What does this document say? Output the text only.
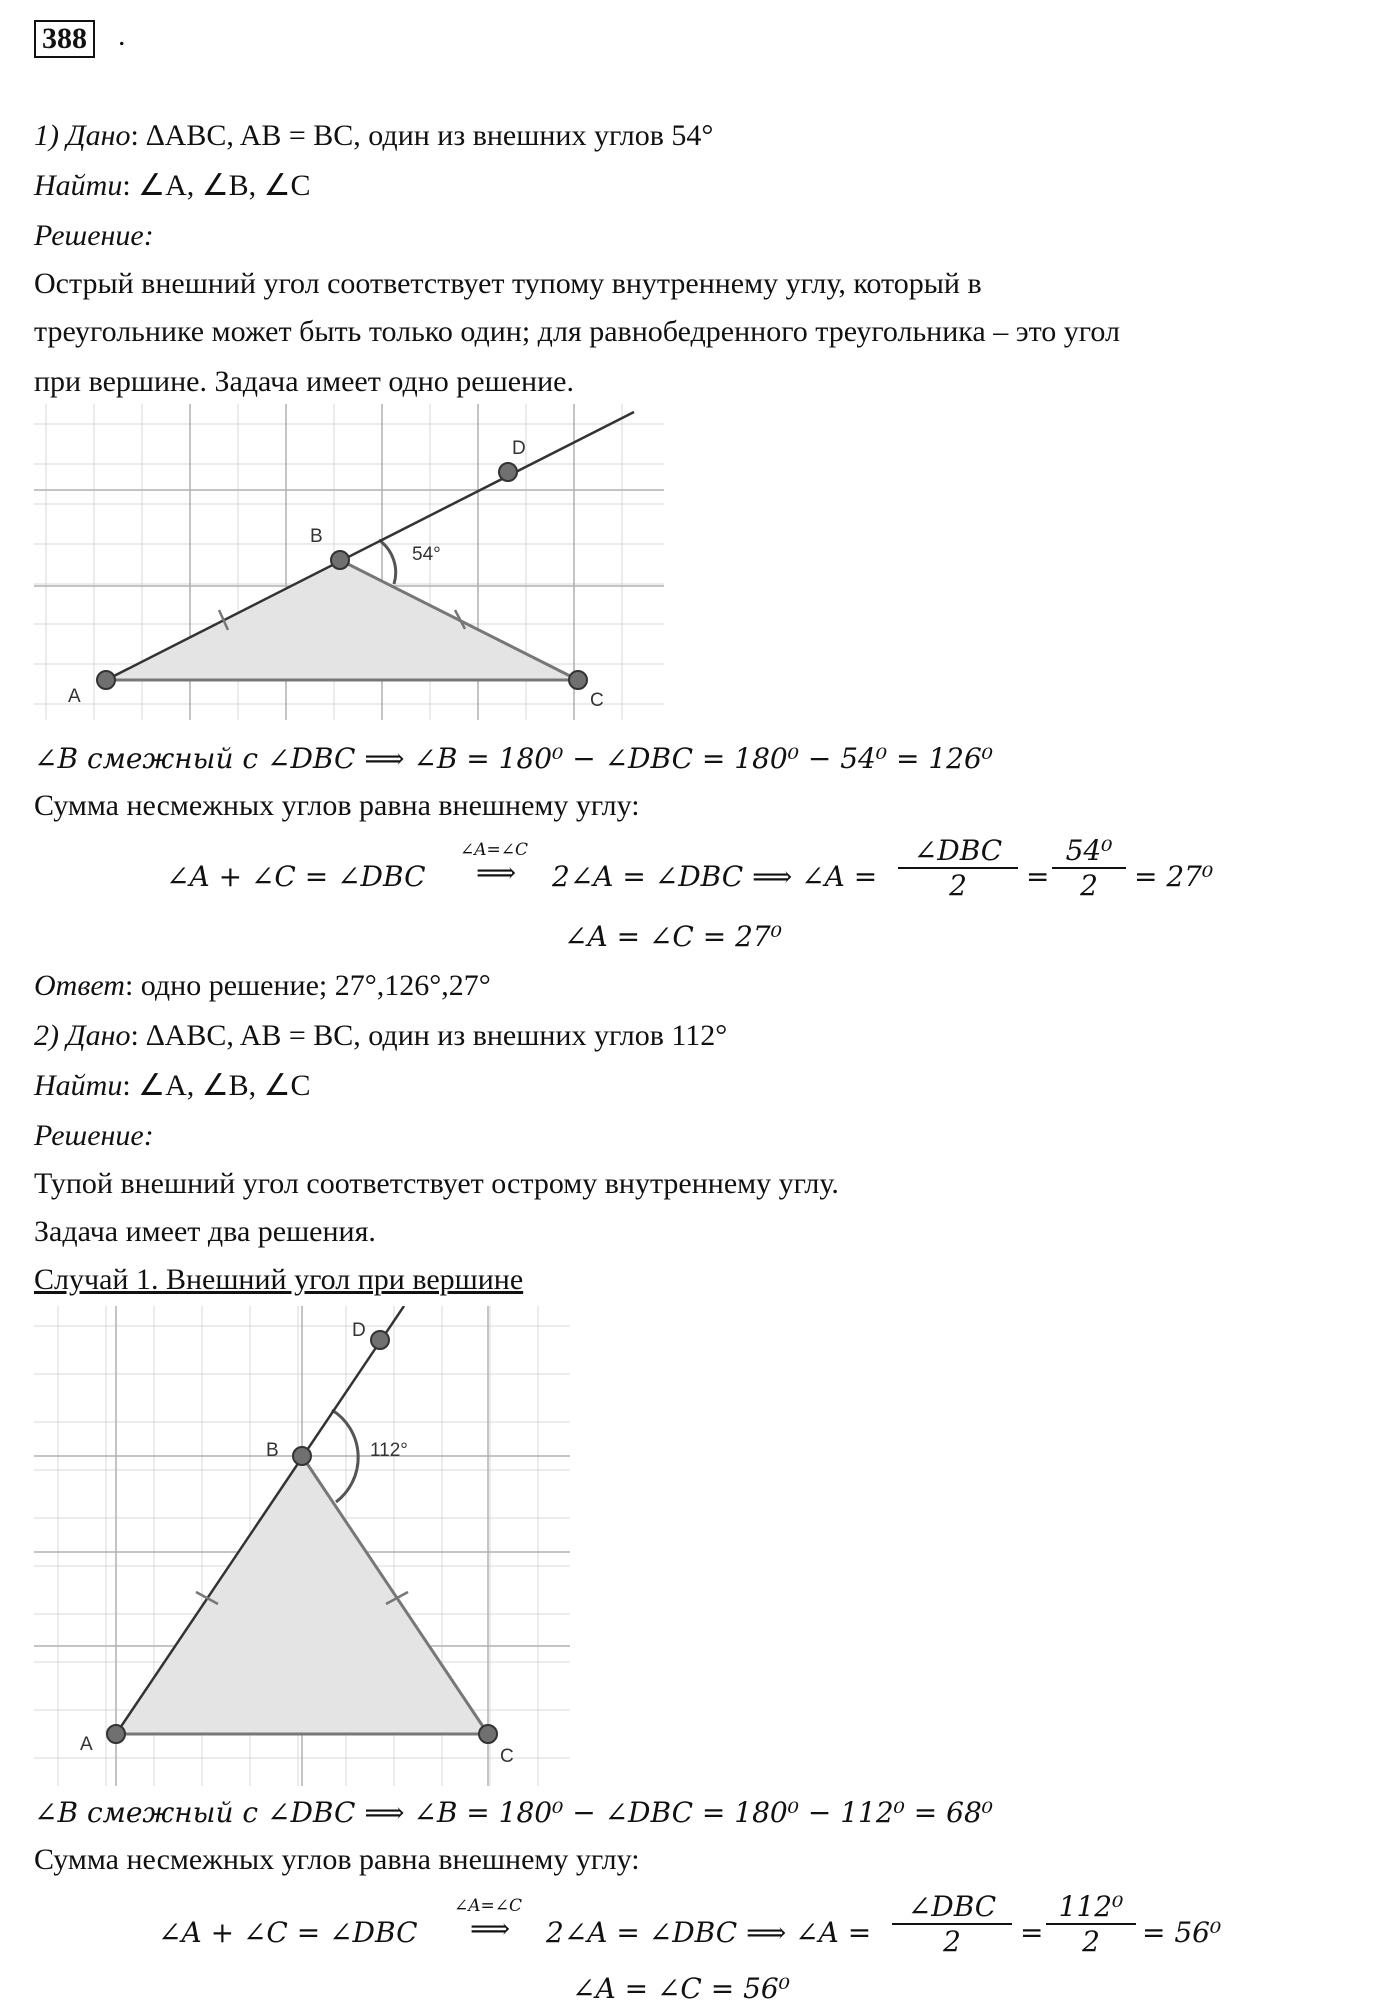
388 .
1) Дано: ∆ABC, AB = BC, один из внешних углов 54°
Найти: ∠A, ∠B, ∠C
Решение:
Острый внешний угол соответствует тупому внутреннему углу, который в
треугольнике может быть только один; для равнобедренного треугольника – это угол
при вершине. Задача имеет одно решение.
A
B
C
D
54°
∠B смежный с ∠DBC ⟹ ∠B = 180⁰ − ∠DBC = 180⁰ − 54⁰ = 126⁰
Сумма несмежных углов равна внешнему углу:
∠A + ∠C = ∠DBC
∠A=∠C
⟹ 2∠A = ∠DBC ⟹ ∠A =
∠DBC
2	=
54⁰
2	= 27⁰
∠A = ∠C = 27⁰
Ответ: одно решение; 27°,126°,27°
2) Дано: ∆ABC, AB = BC, один из внешних углов 112°
Найти: ∠A, ∠B, ∠C
Решение:
Тупой внешний угол соответствует острому внутреннему углу.
Задача имеет два решения.
Случай 1. Внешний угол при вершине
A
B
C
D
112°
∠B смежный с ∠DBC ⟹ ∠B = 180⁰ − ∠DBC = 180⁰ − 112⁰ = 68⁰
Сумма несмежных углов равна внешнему углу:
∠A + ∠C = ∠DBC
∠A=∠C
⟹ 2∠A = ∠DBC ⟹ ∠A =
∠DBC
2	=
112⁰
2	= 56⁰
∠A = ∠C = 56⁰
